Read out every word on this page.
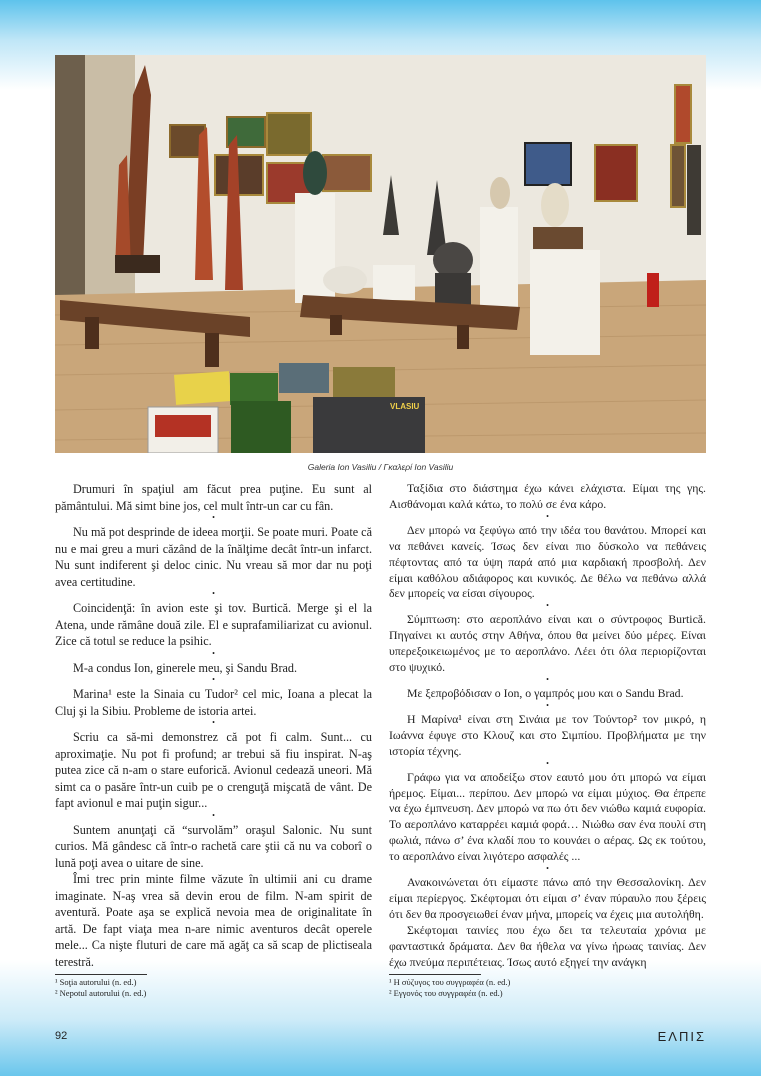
VLASIU
Galeria Ion Vasiliu / Γκαλερί Ion Vasiliu

Drumuri în spaţiul am făcut prea puţine. Eu sunt al pământului. Mă simt bine jos, cel mult într-un car cu fân.

•

Nu mă pot desprinde de ideea morţii. Se poate muri. Poate că nu e mai greu a muri căzând de la înălţime decât într-un infarct. Nu sunt indiferent şi deloc cinic. Nu vreau să mor dar nu poţi avea certitudine.

•

Coincidenţă: în avion este şi tov. Burtică. Merge şi el la Atena, unde rămâne două zile. El e suprafamiliarizat cu avionul. Zice că totul se reduce la psihic.

•

M-a condus Ion, ginerele meu, şi Sandu Brad.

•

Marina¹ este la Sinaia cu Tudor² cel mic, Ioana a plecat la Cluj şi la Sibiu. Probleme de istoria artei.

•

Scriu ca să-mi demonstrez că pot fi calm. Sunt... cu aproximaţie. Nu pot fi profund; ar trebui să fiu inspirat. N-aş putea zice că n-am o stare euforică. Avionul cedează uneori. Mă simt ca o pasăre într-un cuib pe o crenguţă mişcată de vânt. De fapt avionul e mai puţin sigur...

•

Suntem anunţaţi că “survolăm” oraşul Salonic. Nu sunt curios. Mă gândesc că într-o rachetă care ştii că nu va coborî o lună poţi avea o uitare de sine.

Îmi trec prin minte filme văzute în ultimii ani cu drame imaginate. N-aş vrea să devin erou de film. N-am spirit de aventură. Poate aşa se explică nevoia mea de originalitate în artă. De fapt viaţa mea n-are nimic aventuros decât operele mele... Ca nişte fluturi de care mă agăţ ca să scap de plictiseala terestră.

¹ Soţia autorului (n. ed.)

² Nepotul autorului (n. ed.)

Ταξίδια στο διάστημα έχω κάνει ελάχιστα. Είμαι της γης. Αισθάνομαι καλά κάτω, το πολύ σε ένα κάρο.

•

Δεν μπορώ να ξεφύγω από την ιδέα του θανάτου. Μπορεί και να πεθάνει κανείς. Ίσως δεν είναι πιο δύσκολο να πεθάνεις πέφτοντας από τα ύψη παρά από μια καρδιακή προσβολή. Δεν είμαι καθόλου αδιάφορος και κυνικός. Δε θέλω να πεθάνω αλλά δεν μπορείς να είσαι σίγουρος.

•

Σύμπτωση: στο αεροπλάνο είναι και ο σύντροφος Burtică. Πηγαίνει κι αυτός στην Αθήνα, όπου θα μείνει δύο μέρες. Είναι υπερεξοικειωμένος με το αεροπλάνο. Λέει ότι όλα περιορίζονται στο ψυχικό.

•

Με ξεπροβόδισαν ο Ion, ο γαμπρός μου και ο Sandu Brad.

•

Η Μαρίνα¹ είναι στη Σινάια με τον Τούντορ² τον μικρό, η Ιωάννα έφυγε στο Κλουζ και στο Σιμπίου. Προβλήματα με την ιστορία τέχνης.

•

Γράφω για να αποδείξω στον εαυτό μου ότι μπορώ να είμαι ήρεμος. Είμαι... περίπου. Δεν μπορώ να είμαι μύχιος. Θα έπρεπε να έχω έμπνευση. Δεν μπορώ να πω ότι δεν νιώθω καμιά ευφορία. Το αεροπλάνο καταρρέει καμιά φορά… Νιώθω σαν ένα πουλί στη φωλιά, πάνω σ’ ένα κλαδί που το κουνάει ο αέρας. Ως εκ τούτου, το αεροπλάνο είναι λιγότερο ασφαλές ...

•

Ανακοινώνεται ότι είμαστε πάνω από την Θεσσαλονίκη. Δεν είμαι περίεργος. Σκέφτομαι ότι είμαι σ’ έναν πύραυλο που ξέρεις ότι δεν θα προσγειωθεί έναν μήνα, μπορείς να έχεις μια αυτολήθη.

Σκέφτομαι ταινίες που έχω δει τα τελευταία χρόνια με φανταστικά δράματα. Δεν θα ήθελα να γίνω ήρωας ταινίας. Δεν έχω πνεύμα περιπέτειας. Ίσως αυτό εξηγεί την ανάγκη

¹ Η σύζυγος του συγγραφέα (n. ed.)

² Εγγονός του συγγραφέα (n. ed.)

92	ΕΛΠΙΣ
